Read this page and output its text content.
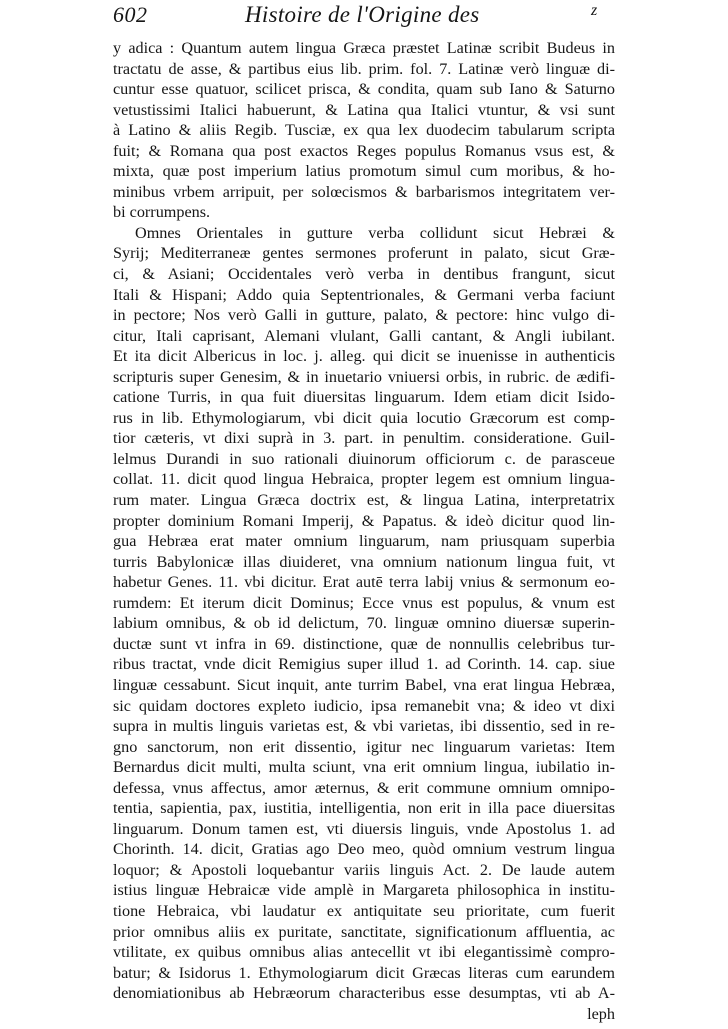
602	Histoire de l'Origine des	z
y adica : Quantum autem lingua Græca præstet Latinæ scribit Budeus in
tractatu de asse, & partibus eius lib. prim. fol. 7. Latinæ verò linguæ di-
cuntur esse quatuor, scilicet prisca, & condita, quam sub Iano & Saturno
vetustissimi Italici habuerunt, & Latina qua Italici vtuntur, & vsi sunt
à Latino & aliis Regib. Tusciæ, ex qua lex duodecim tabularum scripta
fuit; & Romana qua post exactos Reges populus Romanus vsus est, &
mixta, quæ post imperium latius promotum simul cum moribus, & ho-
minibus vrbem arripuit, per solœcismos & barbarismos integritatem ver-
bi corrumpens.
Omnes Orientales in gutture verba collidunt sicut Hebræi &
Syrij; Mediterraneæ gentes sermones proferunt in palato, sicut Græ-
ci, & Asiani; Occidentales verò verba in dentibus frangunt, sicut
Itali & Hispani; Addo quia Septentrionales, & Germani verba faciunt
in pectore; Nos verò Galli in gutture, palato, & pectore: hinc vulgo di-
citur, Itali caprisant, Alemani vlulant, Galli cantant, & Angli iubilant.
Et ita dicit Albericus in loc. j. alleg. qui dicit se inuenisse in authenticis
scripturis super Genesim, & in inuetario vniuersi orbis, in rubric. de ædifi-
catione Turris, in qua fuit diuersitas linguarum. Idem etiam dicit Isido-
rus in lib. Ethymologiarum, vbi dicit quia locutio Græcorum est comp-
tior cæteris, vt dixi suprà in 3. part. in penultim. consideratione. Guil-
lelmus Durandi in suo rationali diuinorum officiorum c. de parasceue
collat. 11. dicit quod lingua Hebraica, propter legem est omnium lingua-
rum mater. Lingua Græca doctrix est, & lingua Latina, interpretatrix
propter dominium Romani Imperij, & Papatus. & ideò dicitur quod lin-
gua Hebræa erat mater omnium linguarum, nam priusquam superbia
turris Babylonicæ illas diuideret, vna omnium nationum lingua fuit, vt
habetur Genes. 11. vbi dicitur. Erat autē terra labij vnius & sermonum eo-
rumdem: Et iterum dicit Dominus; Ecce vnus est populus, & vnum est
labium omnibus, & ob id delictum, 70. linguæ omnino diuersæ superin-
ductæ sunt vt infra in 69. distinctione, quæ de nonnullis celebribus tur-
ribus tractat, vnde dicit Remigius super illud 1. ad Corinth. 14. cap. siue
linguæ cessabunt. Sicut inquit, ante turrim Babel, vna erat lingua Hebræa,
sic quidam doctores expleto iudicio, ipsa remanebit vna; & ideo vt dixi
supra in multis linguis varietas est, & vbi varietas, ibi dissentio, sed in re-
gno sanctorum, non erit dissentio, igitur nec linguarum varietas: Item
Bernardus dicit multi, multa sciunt, vna erit omnium lingua, iubilatio in-
defessa, vnus affectus, amor æternus, & erit commune omnium omnipo-
tentia, sapientia, pax, iustitia, intelligentia, non erit in illa pace diuersitas
linguarum. Donum tamen est, vti diuersis linguis, vnde Apostolus 1. ad
Chorinth. 14. dicit, Gratias ago Deo meo, quòd omnium vestrum lingua
loquor; & Apostoli loquebantur variis linguis Act. 2. De laude autem
istius linguæ Hebraicæ vide amplè in Margareta philosophica in institu-
tione Hebraica, vbi laudatur ex antiquitate seu prioritate, cum fuerit
prior omnibus aliis ex puritate, sanctitate, significationum affluentia, ac
vtilitate, ex quibus omnibus alias antecellit vt ibi elegantissimè compro-
batur; & Isidorus 1. Ethymologiarum dicit Græcas literas cum earundem
denomiationibus ab Hebræorum characteribus esse desumptas, vti ab A-
leph
